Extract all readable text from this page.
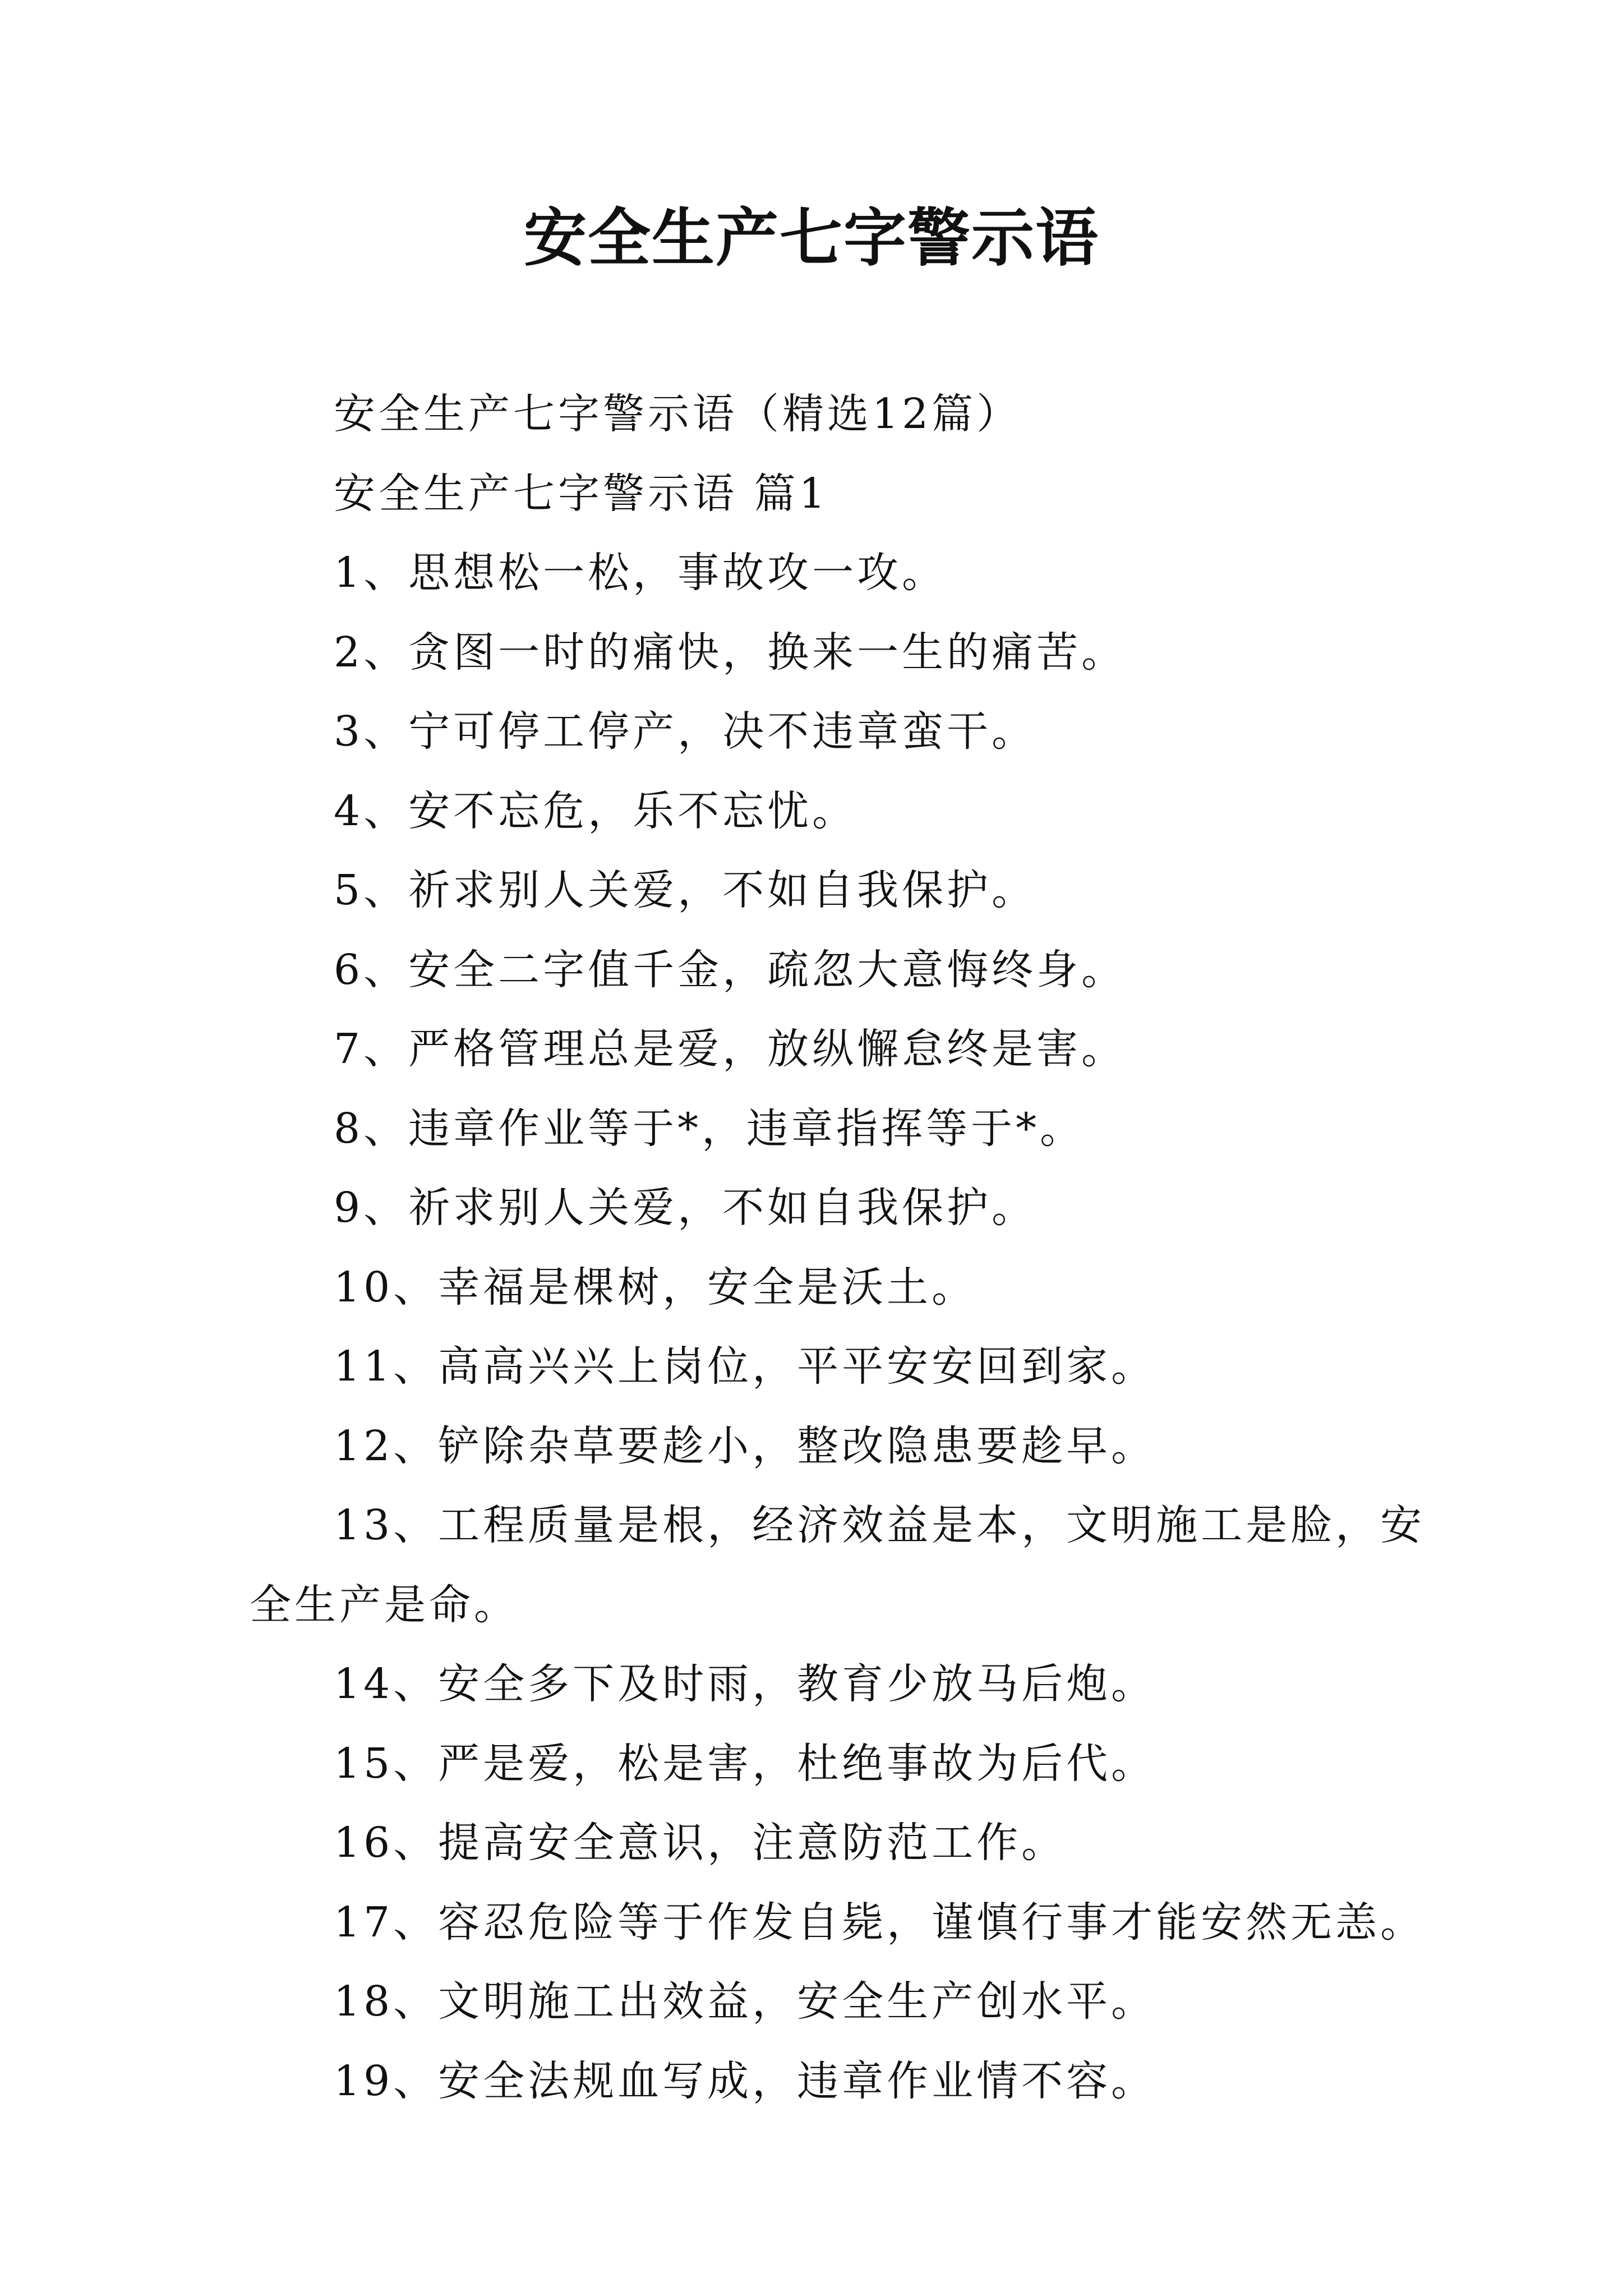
安全生产七字警示语

安全生产七字警示语（精选12篇）

安全生产七字警示语 篇1

1、思想松一松，事故攻一攻。

2、贪图一时的痛快，换来一生的痛苦。

3、宁可停工停产，决不违章蛮干。

4、安不忘危，乐不忘忧。

5、祈求别人关爱，不如自我保护。

6、安全二字值千金，疏忽大意悔终身。

7、严格管理总是爱，放纵懈怠终是害。

8、违章作业等于*，违章指挥等于*。

9、祈求别人关爱，不如自我保护。

10、幸福是棵树，安全是沃土。

11、高高兴兴上岗位，平平安安回到家。

12、铲除杂草要趁小，整改隐患要趁早。

13、工程质量是根，经济效益是本，文明施工是脸，安

全生产是命。

14、安全多下及时雨，教育少放马后炮。

15、严是爱，松是害，杜绝事故为后代。

16、提高安全意识，注意防范工作。

17、容忍危险等于作发自毙，谨慎行事才能安然无恙。

18、文明施工出效益，安全生产创水平。

19、安全法规血写成，违章作业情不容。
